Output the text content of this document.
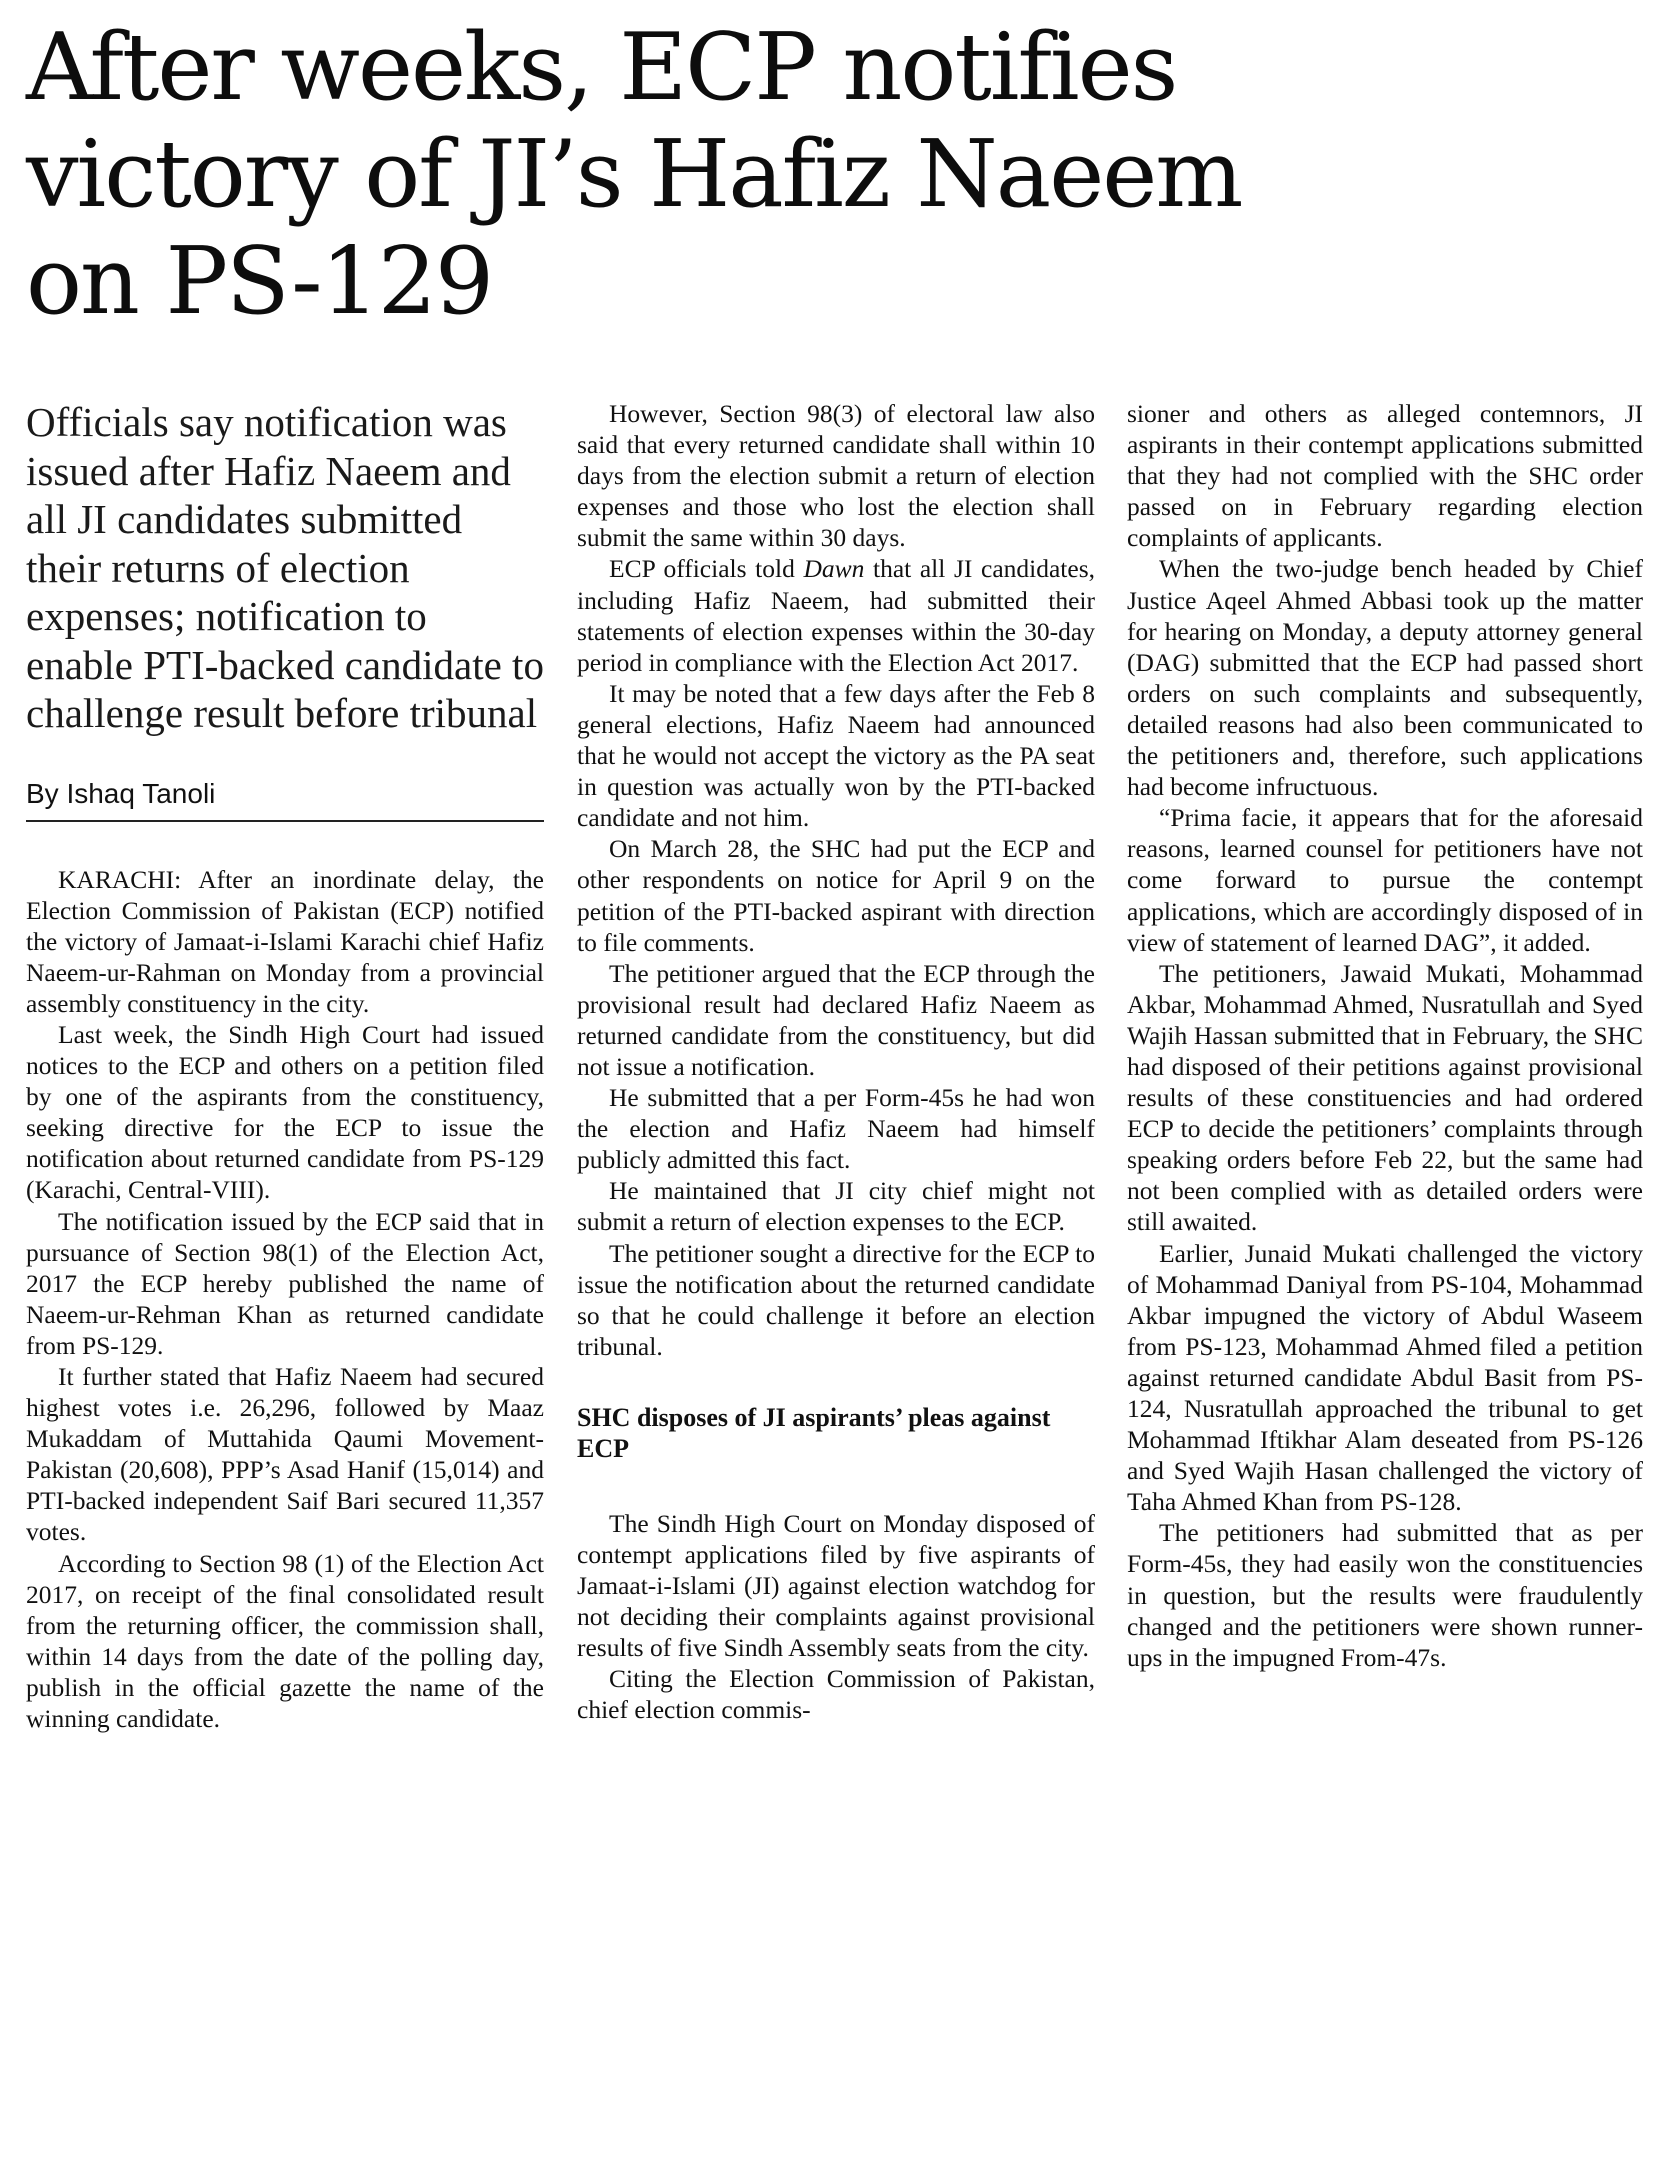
After weeks, ECP notifies
victory of JI’s Hafiz Naeem
on PS-129
Officials say notification was issued after Hafiz Naeem and all JI candidates submitted their returns of election expenses; notification to enable PTI-backed candidate to challenge result before tribunal
By Ishaq Tanoli

KARACHI: After an inordinate delay, the Election Commission of Pakistan (ECP) notified the victory of Jamaat-i-Islami Karachi chief Hafiz Naeem-ur-Rahman on Monday from a provincial assembly constituency in the city.

Last week, the Sindh High Court had issued notices to the ECP and others on a petition filed by one of the aspirants from the constituency, seeking directive for the ECP to issue the notification about returned candidate from PS-129 (Karachi, Central-VIII).

The notification issued by the ECP said that in pursuance of Section 98(1) of the Election Act, 2017 the ECP hereby published the name of Naeem-ur-Rehman Khan as returned candidate from PS-129.

It further stated that Hafiz Naeem had secured highest votes i.e. 26,296, followed by Maaz Mukaddam of Muttahida Qaumi Movement-Pakistan (20,608), PPP’s Asad Hanif (15,014) and PTI-backed independent Saif Bari secured 11,357 votes.

According to Section 98 (1) of the Election Act 2017, on receipt of the final consolidated result from the returning officer, the commission shall, within 14 days from the date of the polling day, publish in the official gazette the name of the winning candidate.

However, Section 98(3) of electoral law also said that every returned candidate shall within 10 days from the election submit a return of election expenses and those who lost the election shall submit the same within 30 days.

ECP officials told Dawn that all JI candidates, including Hafiz Naeem, had submitted their statements of election expenses within the 30-day period in compliance with the Election Act 2017.

It may be noted that a few days after the Feb 8 general elections, Hafiz Naeem had announced that he would not accept the victory as the PA seat in question was actually won by the PTI-backed candidate and not him.

On March 28, the SHC had put the ECP and other respondents on notice for April 9 on the petition of the PTI-backed aspirant with direction to file comments.

The petitioner argued that the ECP through the provisional result had declared Hafiz Naeem as returned candidate from the constituency, but did not issue a notification.

He submitted that a per Form-45s he had won the election and Hafiz Naeem had himself publicly admitted this fact.

He maintained that JI city chief might not submit a return of election expenses to the ECP.

The petitioner sought a directive for the ECP to issue the notification about the returned candidate so that he could challenge it before an election tribunal.

SHC disposes of JI aspirants’ pleas against ECP

The Sindh High Court on Monday disposed of contempt applications filed by five aspirants of Jamaat-i-Islami (JI) against election watchdog for not deciding their complaints against provisional results of five Sindh Assembly seats from the city.

Citing the Election Commission of Pakistan, chief election commis-

sioner and others as alleged contemnors, JI aspirants in their contempt applications submitted that they had not complied with the SHC order passed on in February regarding election complaints of applicants.

When the two-judge bench headed by Chief Justice Aqeel Ahmed Abbasi took up the matter for hearing on Monday, a deputy attorney general (DAG) submitted that the ECP had passed short orders on such complaints and subsequently, detailed reasons had also been communicated to the petitioners and, therefore, such applications had become infructuous.

“Prima facie, it appears that for the aforesaid reasons, learned counsel for petitioners have not come forward to pursue the contempt applications, which are accordingly disposed of in view of statement of learned DAG”, it added.

The petitioners, Jawaid Mukati, Mohammad Akbar, Mohammad Ahmed, Nusratullah and Syed Wajih Hassan submitted that in February, the SHC had disposed of their petitions against provisional results of these constituencies and had ordered ECP to decide the petitioners’ complaints through speaking orders before Feb 22, but the same had not been complied with as detailed orders were still awaited.

Earlier, Junaid Mukati challenged the victory of Mohammad Daniyal from PS-104, Mohammad Akbar impugned the victory of Abdul Waseem from PS-123, Mohammad Ahmed filed a petition against returned candidate Abdul Basit from PS-124, Nusratullah approached the tribunal to get Mohammad Iftikhar Alam deseated from PS-126 and Syed Wajih Hasan challenged the victory of Taha Ahmed Khan from PS-128.

The petitioners had submitted that as per Form-45s, they had easily won the constituencies in question, but the results were fraudulently changed and the petitioners were shown runner-ups in the impugned From-47s.
